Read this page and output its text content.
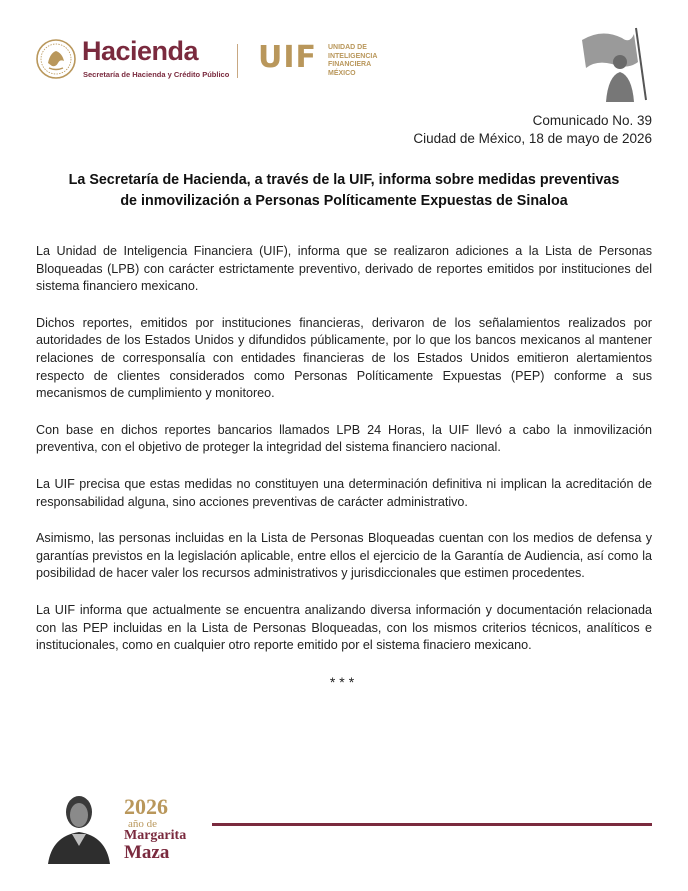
Hacienda
Secretaría de Hacienda y Crédito Público UIF UNIDAD DE
INTELIGENCIA
FINANCIERA
MÉXICO
Comunicado No. 39
Ciudad de México, 18 de mayo de 2026
La Secretaría de Hacienda, a través de la UIF, informa sobre medidas preventivas
de inmovilización a Personas Políticamente Expuestas de Sinaloa

La Unidad de Inteligencia Financiera (UIF), informa que se realizaron adiciones a la Lista de Personas Bloqueadas (LPB) con carácter estrictamente preventivo, derivado de reportes emitidos por instituciones del sistema financiero mexicano.

Dichos reportes, emitidos por instituciones financieras, derivaron de los señalamientos realizados por autoridades de los Estados Unidos y difundidos públicamente, por lo que los bancos mexicanos al mantener relaciones de corresponsalía con entidades financieras de los Estados Unidos emitieron alertamientos respecto de clientes considerados como Personas Políticamente Expuestas (PEP) conforme a sus mecanismos de cumplimiento y monitoreo.

Con base en dichos reportes bancarios llamados LPB 24 Horas, la UIF llevó a cabo la inmovilización preventiva, con el objetivo de proteger la integridad del sistema financiero nacional.

La UIF precisa que estas medidas no constituyen una determinación definitiva ni implican la acreditación de responsabilidad alguna, sino acciones preventivas de carácter administrativo.

Asimismo, las personas incluidas en la Lista de Personas Bloqueadas cuentan con los medios de defensa y garantías previstos en la legislación aplicable, entre ellos el ejercicio de la Garantía de Audiencia, así como la posibilidad de hacer valer los recursos administrativos y jurisdiccionales que estimen procedentes.

La UIF informa que actualmente se encuentra analizando diversa información y documentación relacionada con las PEP incluidas en la Lista de Personas Bloqueadas, con los mismos criterios técnicos, analíticos e institucionales, como en cualquier otro reporte emitido por el sistema finaciero mexicano.

***
2026
año de
Margarita
Maza
